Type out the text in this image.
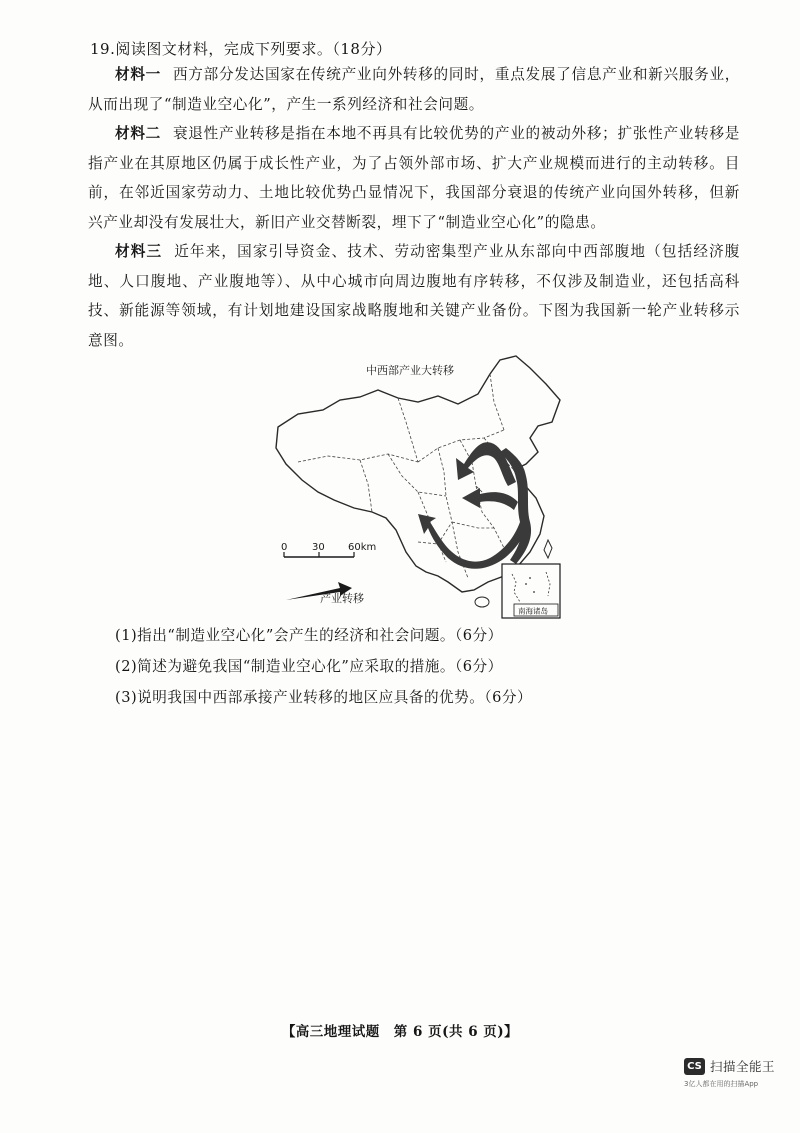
19.阅读图文材料，完成下列要求。（18分）

材料一 西方部分发达国家在传统产业向外转移的同时，重点发展了信息产业和新兴服务业，从而出现了“制造业空心化”，产生一系列经济和社会问题。

材料二 衰退性产业转移是指在本地不再具有比较优势的产业的被动外移；扩张性产业转移是指产业在其原地区仍属于成长性产业，为了占领外部市场、扩大产业规模而进行的主动转移。目前，在邻近国家劳动力、土地比较优势凸显情况下，我国部分衰退的传统产业向国外转移，但新兴产业却没有发展壮大，新旧产业交替断裂，埋下了“制造业空心化”的隐患。

材料三 近年来，国家引导资金、技术、劳动密集型产业从东部向中西部腹地（包括经济腹地、人口腹地、产业腹地等）、从中心城市向周边腹地有序转移，不仅涉及制造业，还包括高科技、新能源等领域，有计划地建设国家战略腹地和关键产业备份。下图为我国新一轮产业转移示意图。

中西部产业大转移
0 30 60km
产业转移
南海诸岛
(1)指出“制造业空心化”会产生的经济和社会问题。（6分）
(2)简述为避免我国“制造业空心化”应采取的措施。（6分）
(3)说明我国中西部承接产业转移的地区应具备的优势。（6分）
【高三地理试题　第 6 页(共 6 页)】
CS 扫描全能王
3亿人都在用的扫描App
